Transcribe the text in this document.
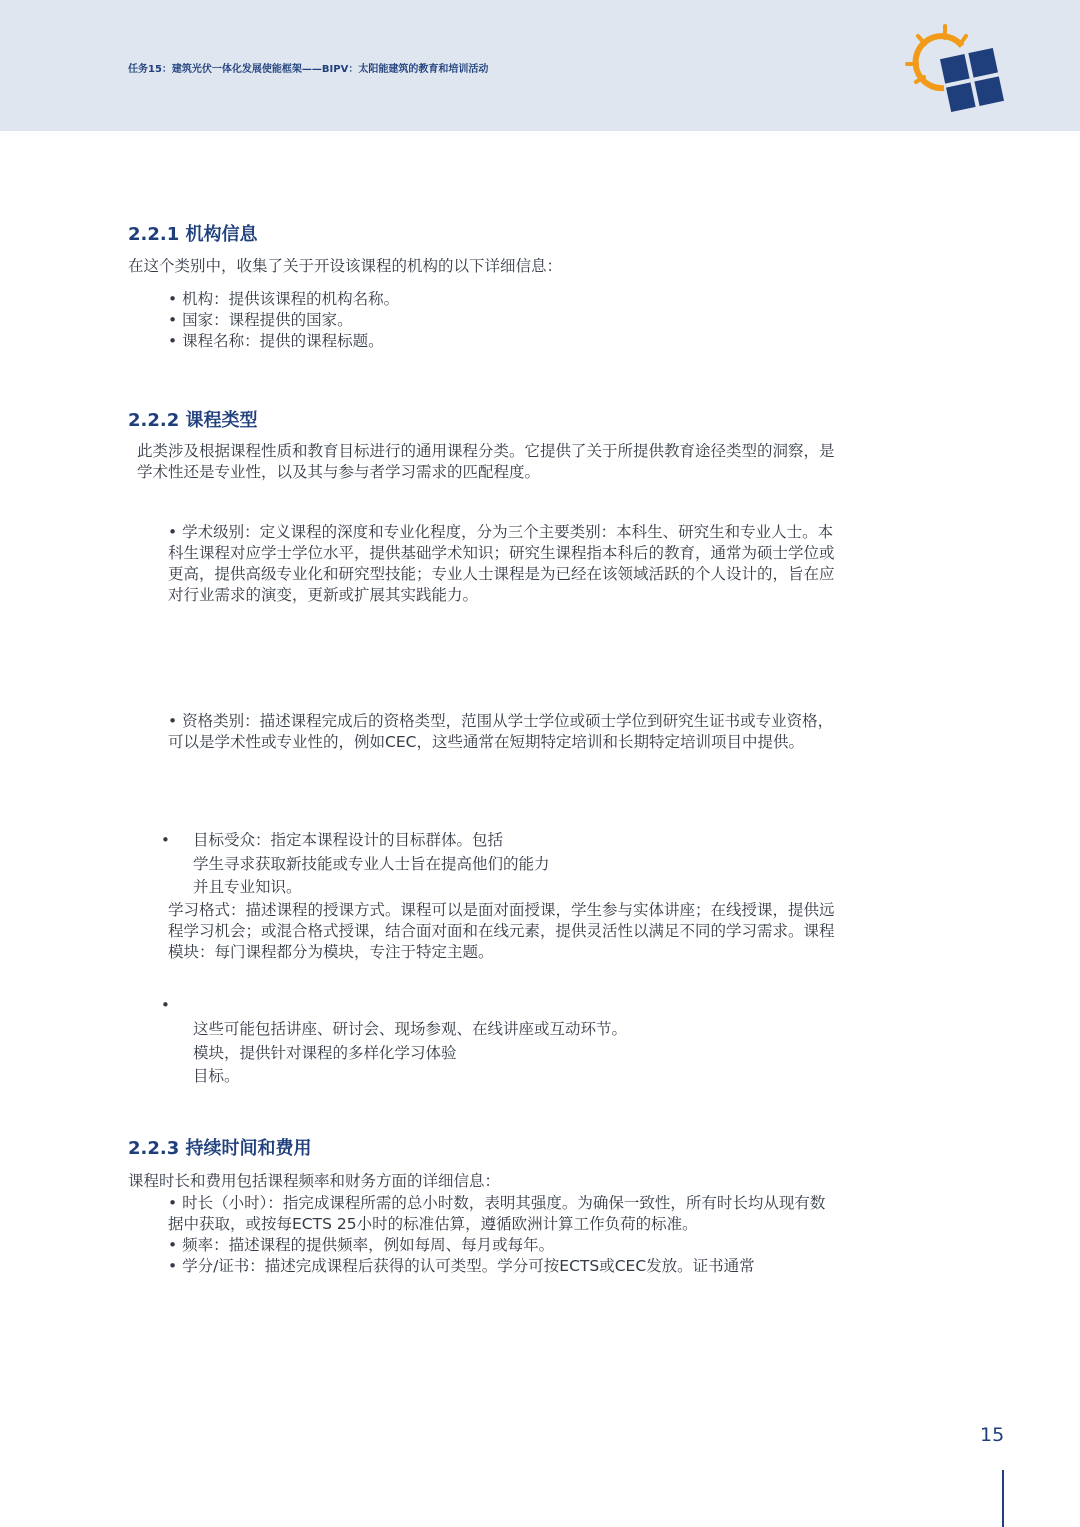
任务15：建筑光伏一体化发展使能框架——BIPV：太阳能建筑的教育和培训活动
2.2.1 机构信息
在这个类别中，收集了关于开设该课程的机构的以下详细信息：
• 机构：提供该课程的机构名称。
• 国家：课程提供的国家。
• 课程名称：提供的课程标题。
2.2.2 课程类型
此类涉及根据课程性质和教育目标进行的通用课程分类。它提供了关于所提供教育途径类型的洞察，是
学术性还是专业性，以及其与参与者学习需求的匹配程度。
• 学术级别：定义课程的深度和专业化程度，分为三个主要类别：本科生、研究生和专业人士。本
科生课程对应学士学位水平，提供基础学术知识；研究生课程指本科后的教育，通常为硕士学位或
更高，提供高级专业化和研究型技能；专业人士课程是为已经在该领域活跃的个人设计的，旨在应
对行业需求的演变，更新或扩展其实践能力。
• 资格类别：描述课程完成后的资格类型，范围从学士学位或硕士学位到研究生证书或专业资格，
可以是学术性或专业性的，例如CEC，这些通常在短期特定培训和长期特定培训项目中提供。
• 目标受众：指定本课程设计的目标群体。包括
学生寻求获取新技能或专业人士旨在提高他们的能力
并且专业知识。
学习格式：描述课程的授课方式。课程可以是面对面授课，学生参与实体讲座；在线授课，提供远
程学习机会；或混合格式授课，结合面对面和在线元素，提供灵活性以满足不同的学习需求。课程
模块：每门课程都分为模块，专注于特定主题。
•
这些可能包括讲座、研讨会、现场参观、在线讲座或互动环节。
模块，提供针对课程的多样化学习体验
目标。
2.2.3 持续时间和费用
课程时长和费用包括课程频率和财务方面的详细信息：
• 时长（小时）：指完成课程所需的总小时数，表明其强度。为确保一致性，所有时长均从现有数
据中获取，或按每ECTS 25小时的标准估算，遵循欧洲计算工作负荷的标准。
• 频率：描述课程的提供频率，例如每周、每月或每年。
• 学分/证书：描述完成课程后获得的认可类型。学分可按ECTS或CEC发放。证书通常
15
